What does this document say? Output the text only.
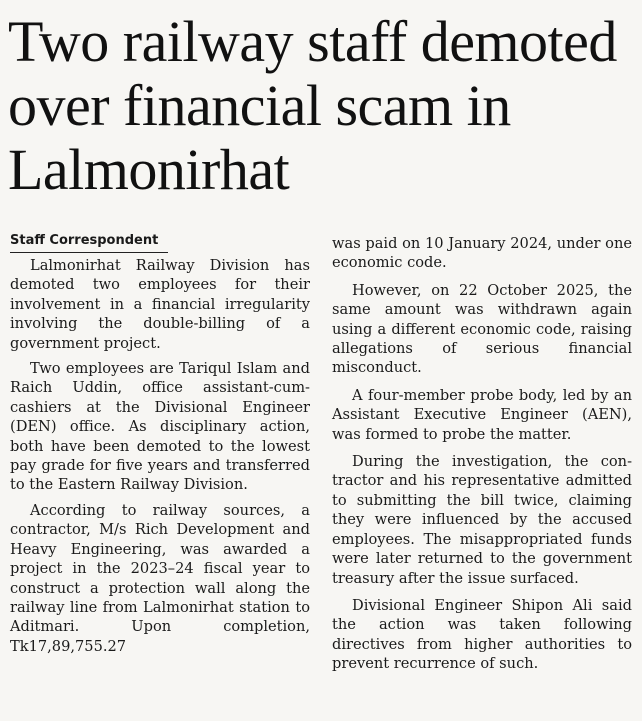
Two railway staff demoted over financial scam in Lalmonirhat
Staff Correspondent

Lalmonirhat Railway Division has demoted two employees for their involvement in a financial irregularity involving the double-billing of a government project.

Two employees are Tariqul Islam and Raich Uddin, office assistant-cum-cashiers at the Divisional Engineer (DEN) office. As disciplinary action, both have been demoted to the lowest pay grade for five years and transferred to the Eastern Railway Division.

According to railway sources, a contractor, M/s Rich Development and Heavy Engineering, was awarded a project in the 2023–24 fiscal year to construct a protection wall along the railway line from Lalmonirhat station to Aditmari. Upon completion, Tk17,89,755.27

was paid on 10 January 2024, under one economic code.

However, on 22 October 2025, the same amount was withdrawn again using a different economic code, raising allegations of serious financial misconduct.

A four-member probe body, led by an Assistant Executive Engineer (AEN), was formed to probe the matter.

During the investigation, the contractor and his representative admitted to submitting the bill twice, claiming they were influenced by the accused employees. The misappropriated funds were later returned to the government treasury after the issue surfaced.

Divisional Engineer Shipon Ali said the action was taken following directives from higher authorities to prevent recurrence of such.
